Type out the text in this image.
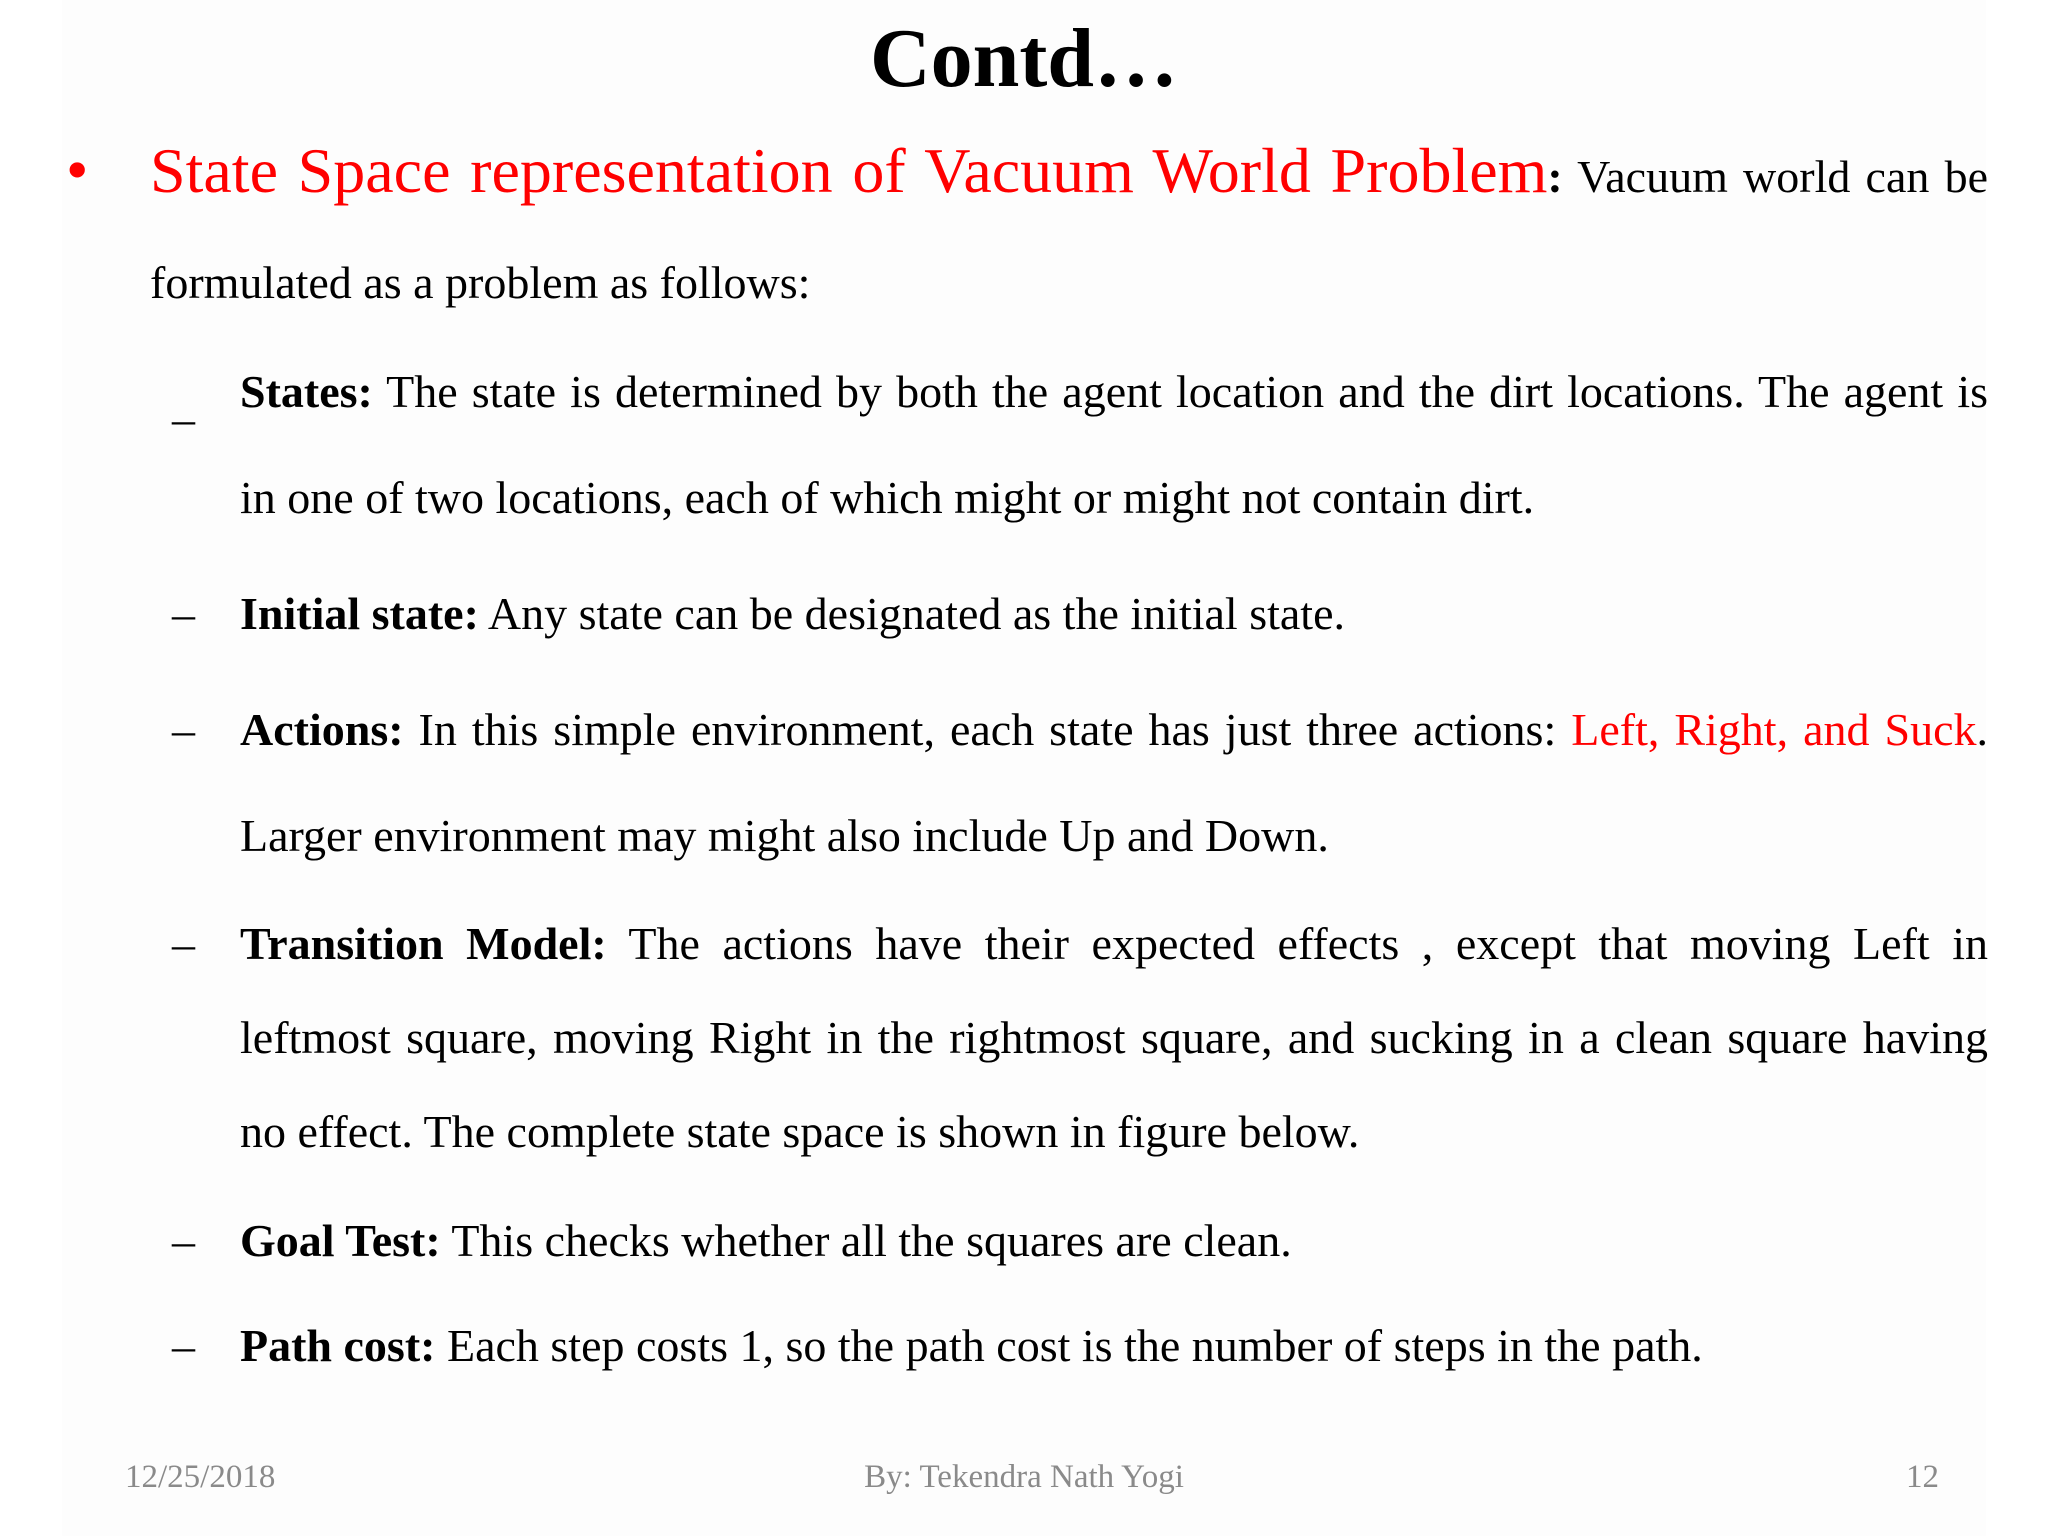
Contd…
• State Space representation of Vacuum World Problem: Vacuum world can be formulated as a problem as follows:
–
States: The state is determined by both the agent location and the dirt locations. The agent is in one of two locations, each of which might or might not contain dirt.
– Initial state: Any state can be designated as the initial state.
– Actions: In this simple environment, each state has just three actions: Left, Right, and Suck. Larger environment may might also include Up and Down.
– Transition Model: The actions have their expected effects , except that moving Left in leftmost square, moving Right in the rightmost square, and sucking in a clean square having no effect. The complete state space is shown in figure below.
– Goal Test: This checks whether all the squares are clean.
– Path cost: Each step costs 1, so the path cost is the number of steps in the path.
12/25/2018	By: Tekendra Nath Yogi	12
